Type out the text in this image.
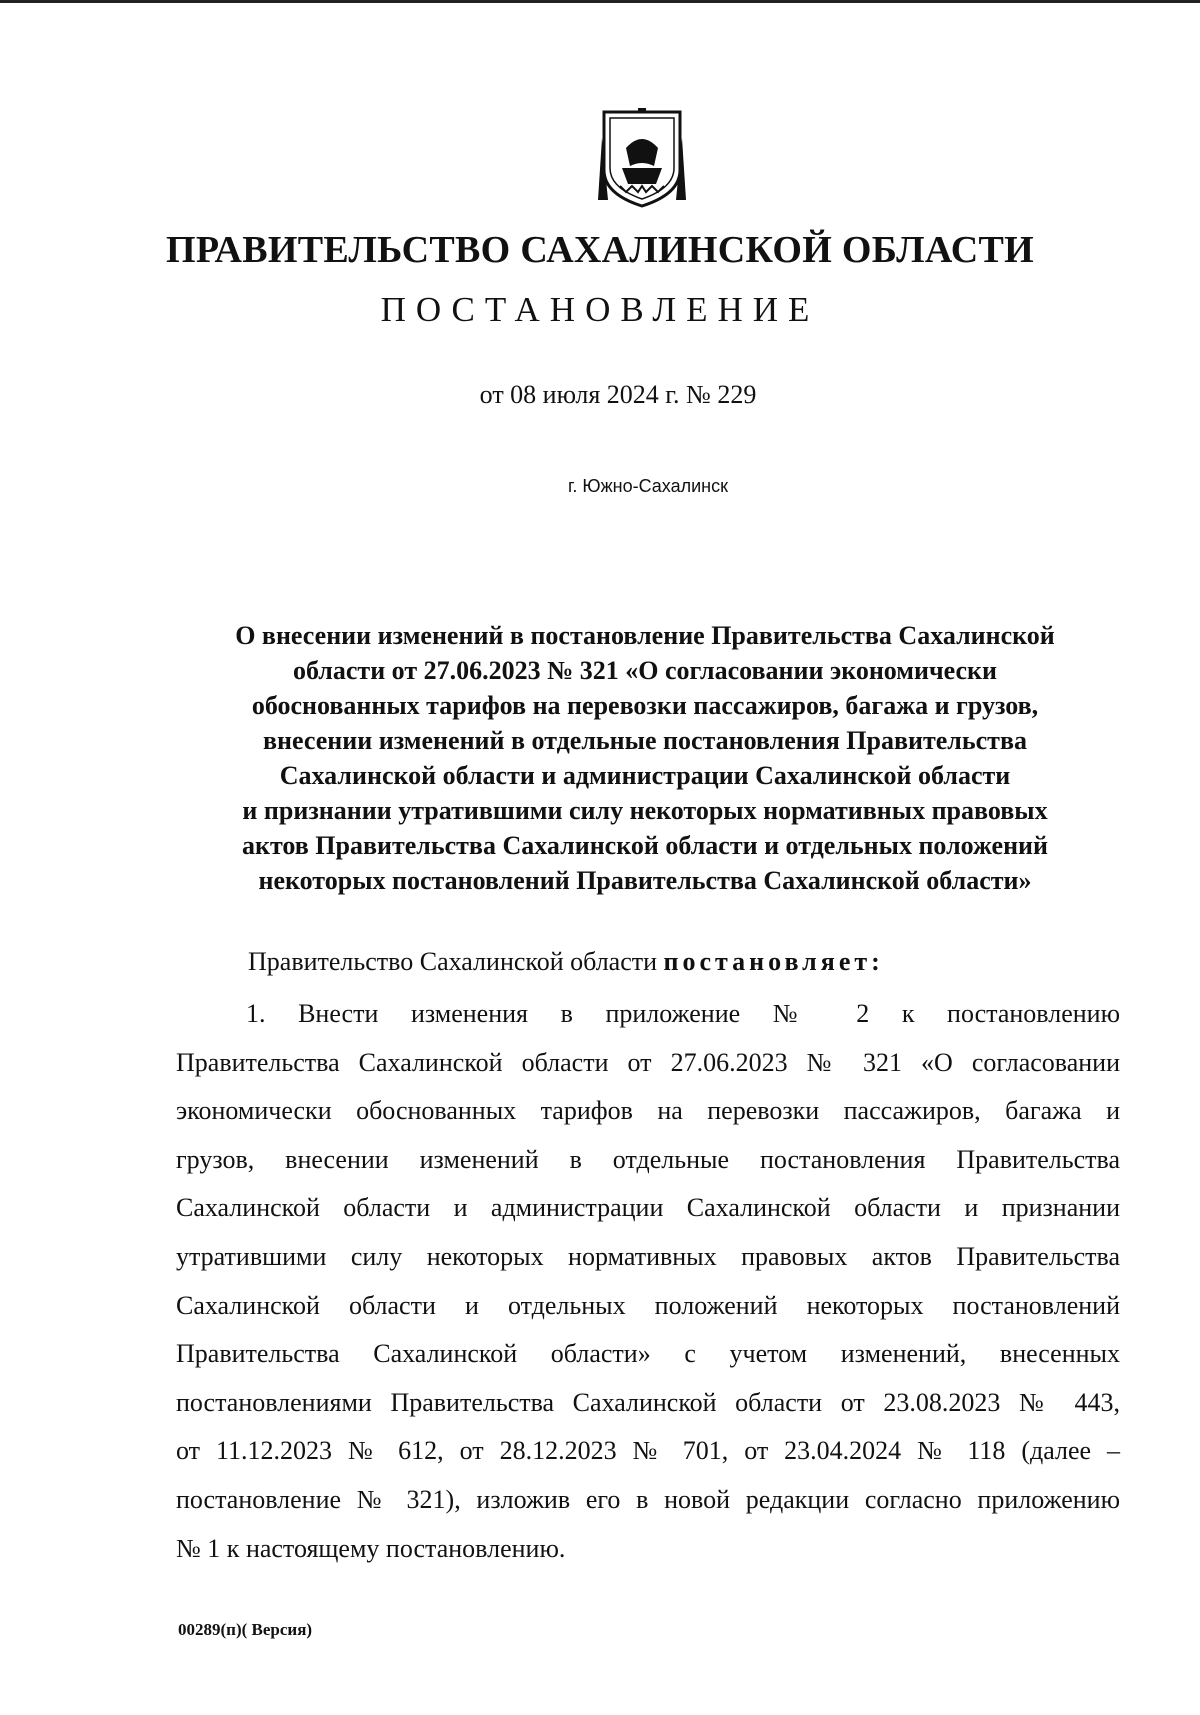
ПРАВИТЕЛЬСТВО САХАЛИНСКОЙ ОБЛАСТИ
ПОСТАНОВЛЕНИЕ
от 08 июля 2024 г. № 229
г. Южно-Сахалинск
О внесении изменений в постановление Правительства Сахалинской
области от 27.06.2023 № 321 «О согласовании экономически
обоснованных тарифов на перевозки пассажиров, багажа и грузов,
внесении изменений в отдельные постановления Правительства
Сахалинской области и администрации Сахалинской области
и признании утратившими силу некоторых нормативных правовых
актов Правительства Сахалинской области и отдельных положений
некоторых постановлений Правительства Сахалинской области»
Правительство Сахалинской области постановляет:
1. Внести изменения в приложение № 2 к постановлению
Правительства Сахалинской области от 27.06.2023 № 321 «О согласовании
экономически обоснованных тарифов на перевозки пассажиров, багажа и
грузов, внесении изменений в отдельные постановления Правительства
Сахалинской области и администрации Сахалинской области и признании
утратившими силу некоторых нормативных правовых актов Правительства
Сахалинской области и отдельных положений некоторых постановлений
Правительства Сахалинской области» с учетом изменений, внесенных
постановлениями Правительства Сахалинской области от 23.08.2023 № 443,
от 11.12.2023 № 612, от 28.12.2023 № 701, от 23.04.2024 № 118 (далее –
постановление № 321), изложив его в новой редакции согласно приложению
№ 1 к настоящему постановлению.
00289(п)( Версия)
